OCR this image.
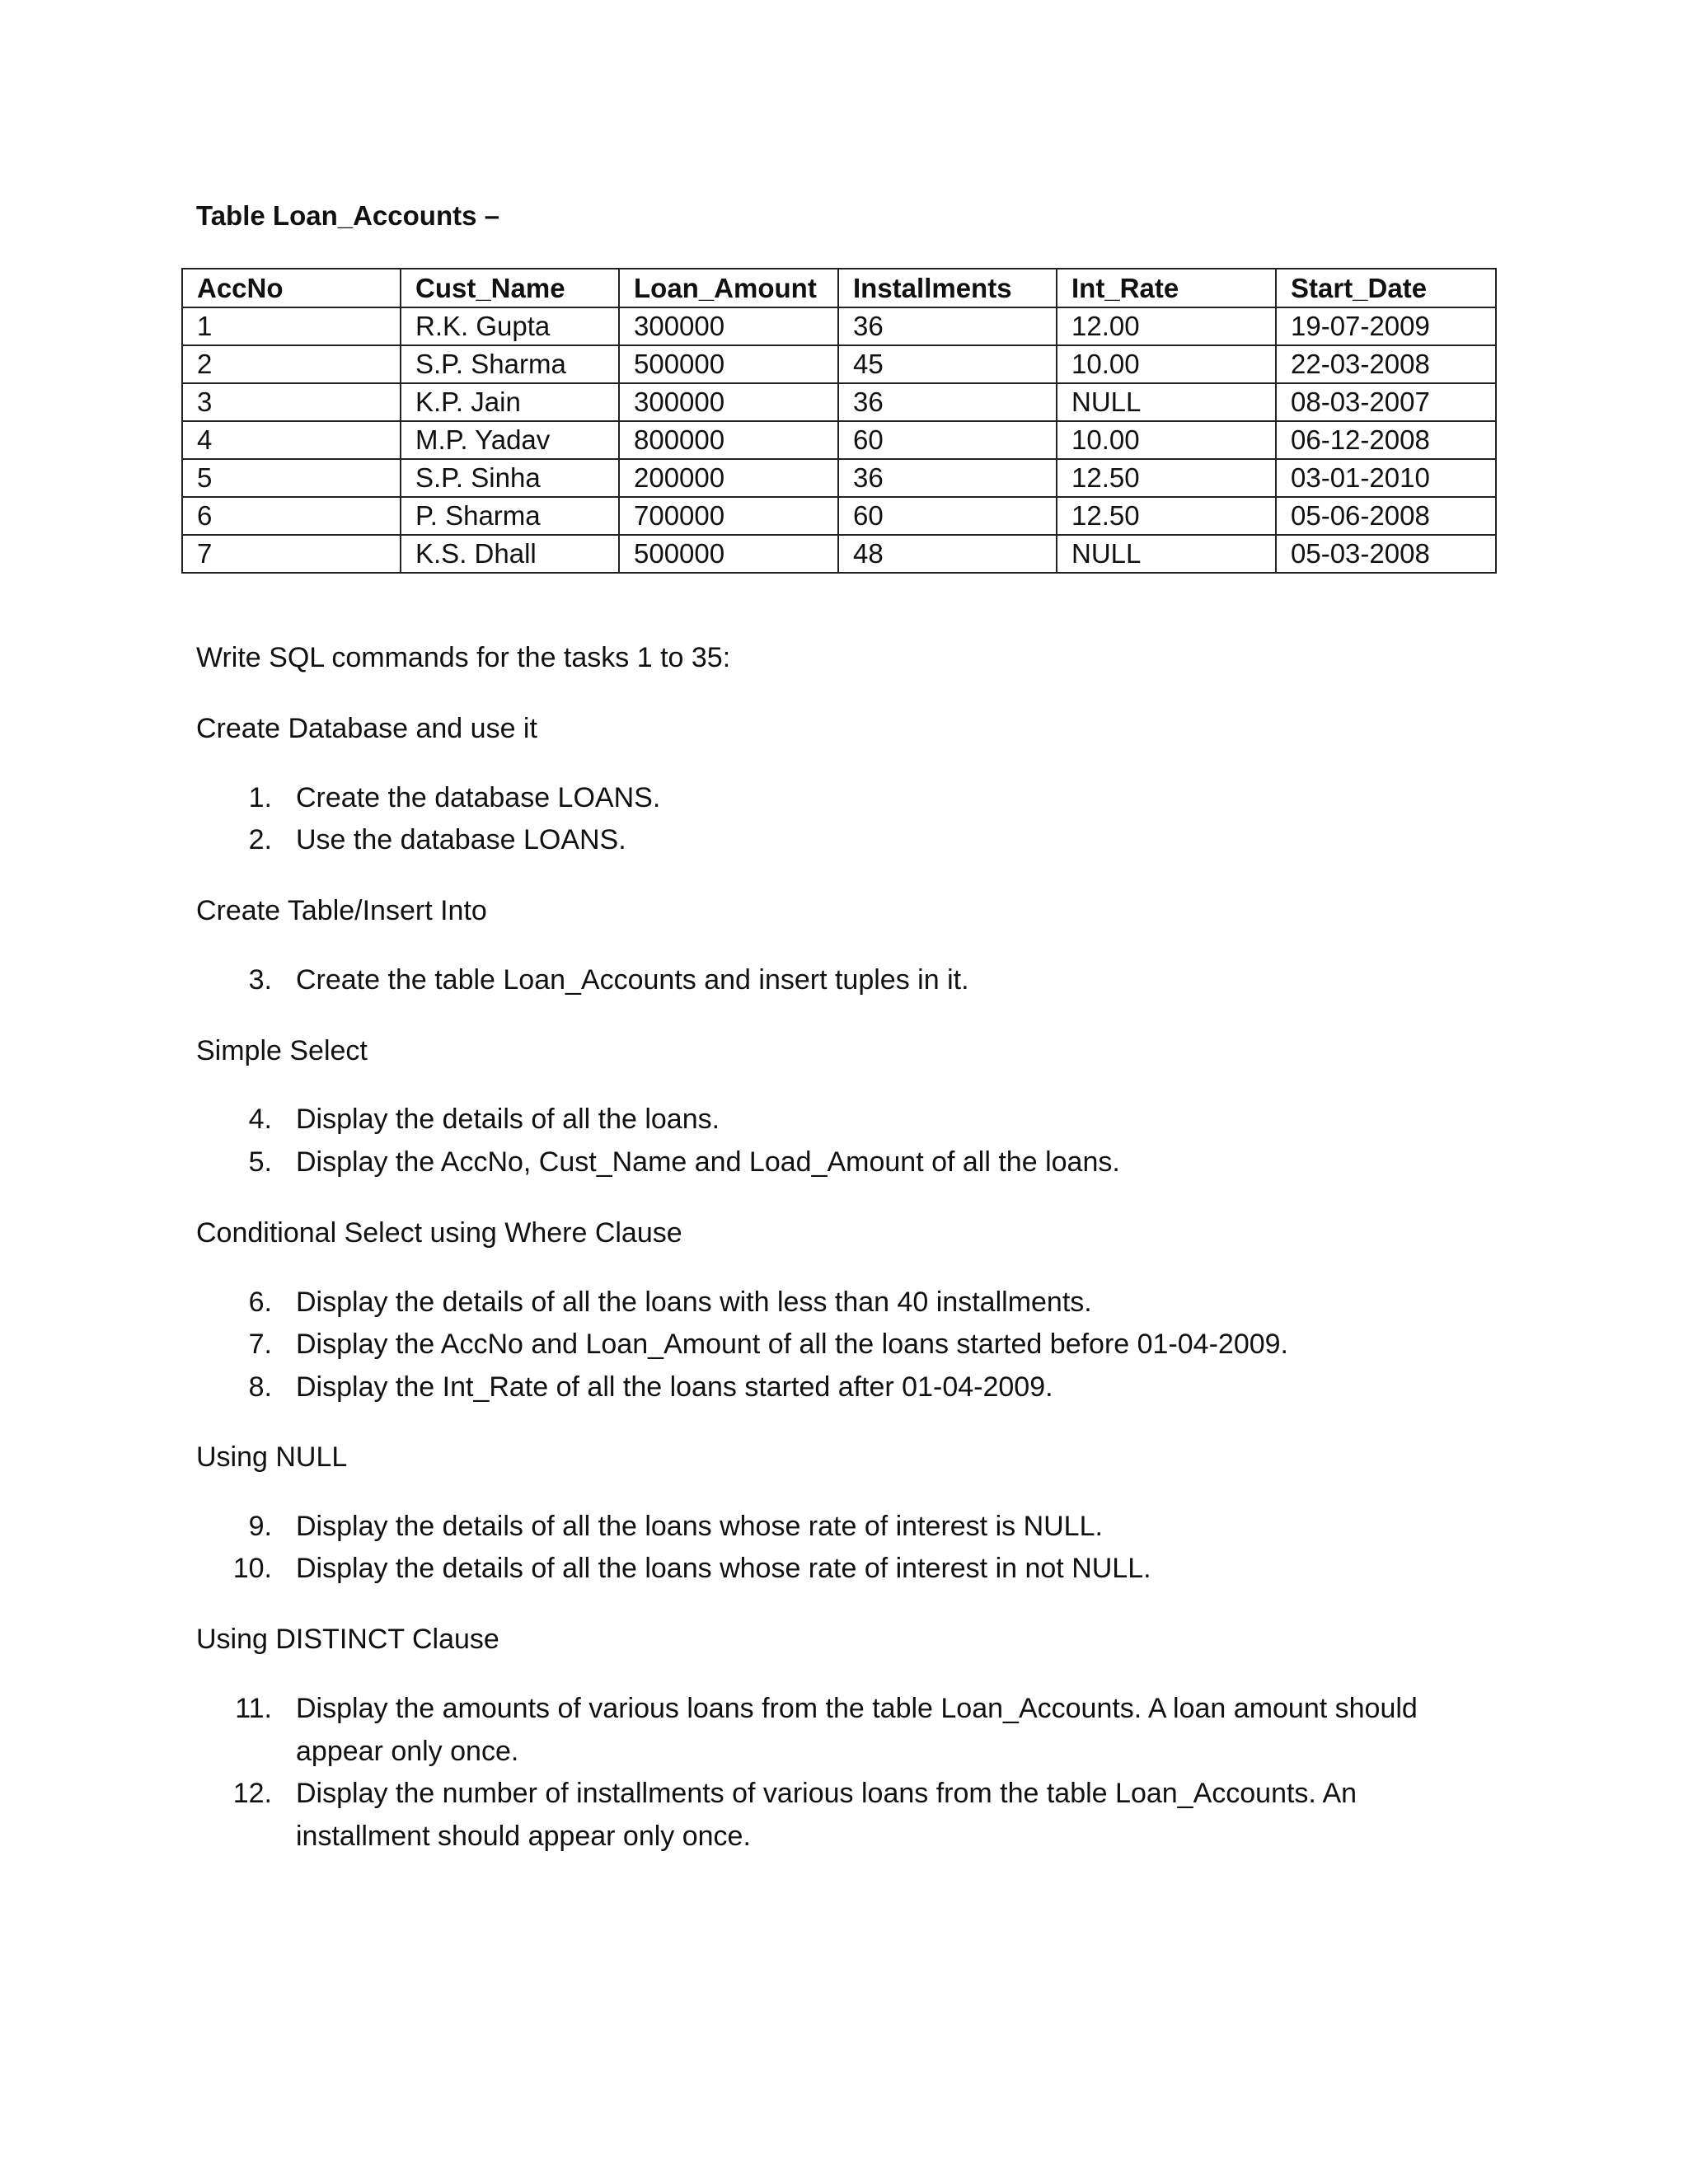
Table Loan_Accounts –
AccNo	Cust_Name	Loan_Amount	Installments	Int_Rate	Start_Date
1	R.K. Gupta	300000	36	12.00	19-07-2009
2	S.P. Sharma	500000	45	10.00	22-03-2008
3	K.P. Jain	300000	36	NULL	08-03-2007
4	M.P. Yadav	800000	60	10.00	06-12-2008
5	S.P. Sinha	200000	36	12.50	03-01-2010
6	P. Sharma	700000	60	12.50	05-06-2008
7	K.S. Dhall	500000	48	NULL	05-03-2008
Write SQL commands for the tasks 1 to 35:
Create Database and use it
1. Create the database LOANS.
2. Use the database LOANS.
Create Table/Insert Into
3. Create the table Loan_Accounts and insert tuples in it.
Simple Select
4. Display the details of all the loans.
5. Display the AccNo, Cust_Name and Load_Amount of all the loans.
Conditional Select using Where Clause
6. Display the details of all the loans with less than 40 installments.
7. Display the AccNo and Loan_Amount of all the loans started before 01-04-2009.
8. Display the Int_Rate of all the loans started after 01-04-2009.
Using NULL
9. Display the details of all the loans whose rate of interest is NULL.
10. Display the details of all the loans whose rate of interest in not NULL.
Using DISTINCT Clause
11. Display the amounts of various loans from the table Loan_Accounts. A loan amount should appear only once.
12. Display the number of installments of various loans from the table Loan_Accounts. An installment should appear only once.
